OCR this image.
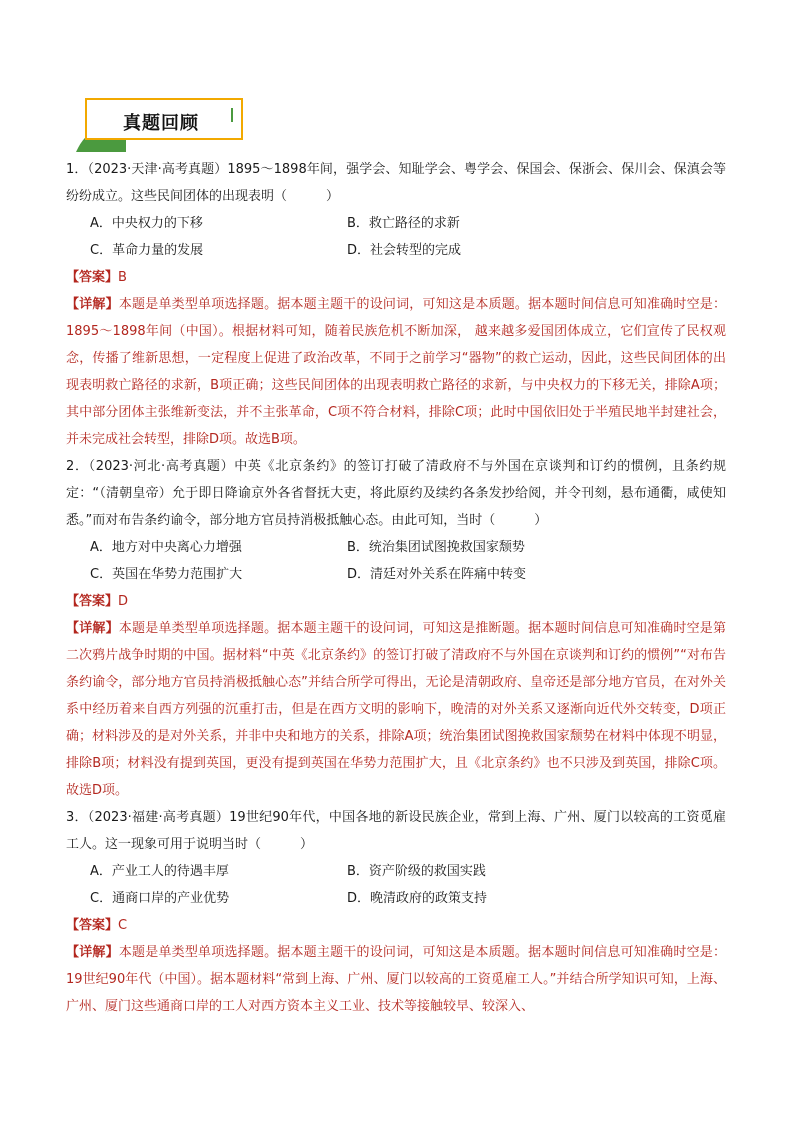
真题回顾

1．（2023·天津·高考真题）1895～1898年间，强学会、知耻学会、粤学会、保国会、保浙会、保川会、保滇会等纷纷成立。这些民间团体的出现表明（　　　）

A．中央权力的下移	B．救亡路径的求新
C．革命力量的发展	D．社会转型的完成
【答案】B

【详解】本题是单类型单项选择题。据本题主题干的设问词，可知这是本质题。据本题时间信息可知准确时空是：1895～1898年间（中国）。根据材料可知，随着民族危机不断加深， 越来越多爱国团体成立，它们宣传了民权观念，传播了维新思想，一定程度上促进了政治改革，不同于之前学习“器物”的救亡运动，因此，这些民间团体的出现表明救亡路径的求新，B项正确；这些民间团体的出现表明救亡路径的求新，与中央权力的下移无关，排除A项；其中部分团体主张维新变法，并不主张革命，C项不符合材料，排除C项；此时中国依旧处于半殖民地半封建社会，并未完成社会转型，排除D项。故选B项。

2．（2023·河北·高考真题）中英《北京条约》的签订打破了清政府不与外国在京谈判和订约的惯例，且条约规定：“（清朝皇帝）允于即日降谕京外各省督抚大吏，将此原约及续约各条发抄给阅，并令刊刻，悬布通衢，咸使知悉。”而对布告条约谕令，部分地方官员持消极抵触心态。由此可知，当时（　　　）

A．地方对中央离心力增强	B．统治集团试图挽救国家颓势
C．英国在华势力范围扩大	D．清廷对外关系在阵痛中转变
【答案】D

【详解】本题是单类型单项选择题。据本题主题干的设问词，可知这是推断题。据本题时间信息可知准确时空是第二次鸦片战争时期的中国。据材料“中英《北京条约》的签订打破了清政府不与外国在京谈判和订约的惯例”“对布告条约谕令，部分地方官员持消极抵触心态”并结合所学可得出，无论是清朝政府、皇帝还是部分地方官员，在对外关系中经历着来自西方列强的沉重打击，但是在西方文明的影响下，晚清的对外关系又逐渐向近代外交转变，D项正确；材料涉及的是对外关系，并非中央和地方的关系，排除A项；统治集团试图挽救国家颓势在材料中体现不明显，排除B项；材料没有提到英国，更没有提到英国在华势力范围扩大，且《北京条约》也不只涉及到英国，排除C项。故选D项。

3．（2023·福建·高考真题）19世纪90年代，中国各地的新设民族企业，常到上海、广州、厦门以较高的工资觅雇工人。这一现象可用于说明当时（　　　）

A．产业工人的待遇丰厚	B．资产阶级的救国实践
C．通商口岸的产业优势	D．晚清政府的政策支持
【答案】C

【详解】本题是单类型单项选择题。据本题主题干的设问词，可知这是本质题。据本题时间信息可知准确时空是：19世纪90年代（中国）。据本题材料“常到上海、广州、厦门以较高的工资觅雇工人。”并结合所学知识可知，上海、广州、厦门这些通商口岸的工人对西方资本主义工业、技术等接触较早、较深入、
